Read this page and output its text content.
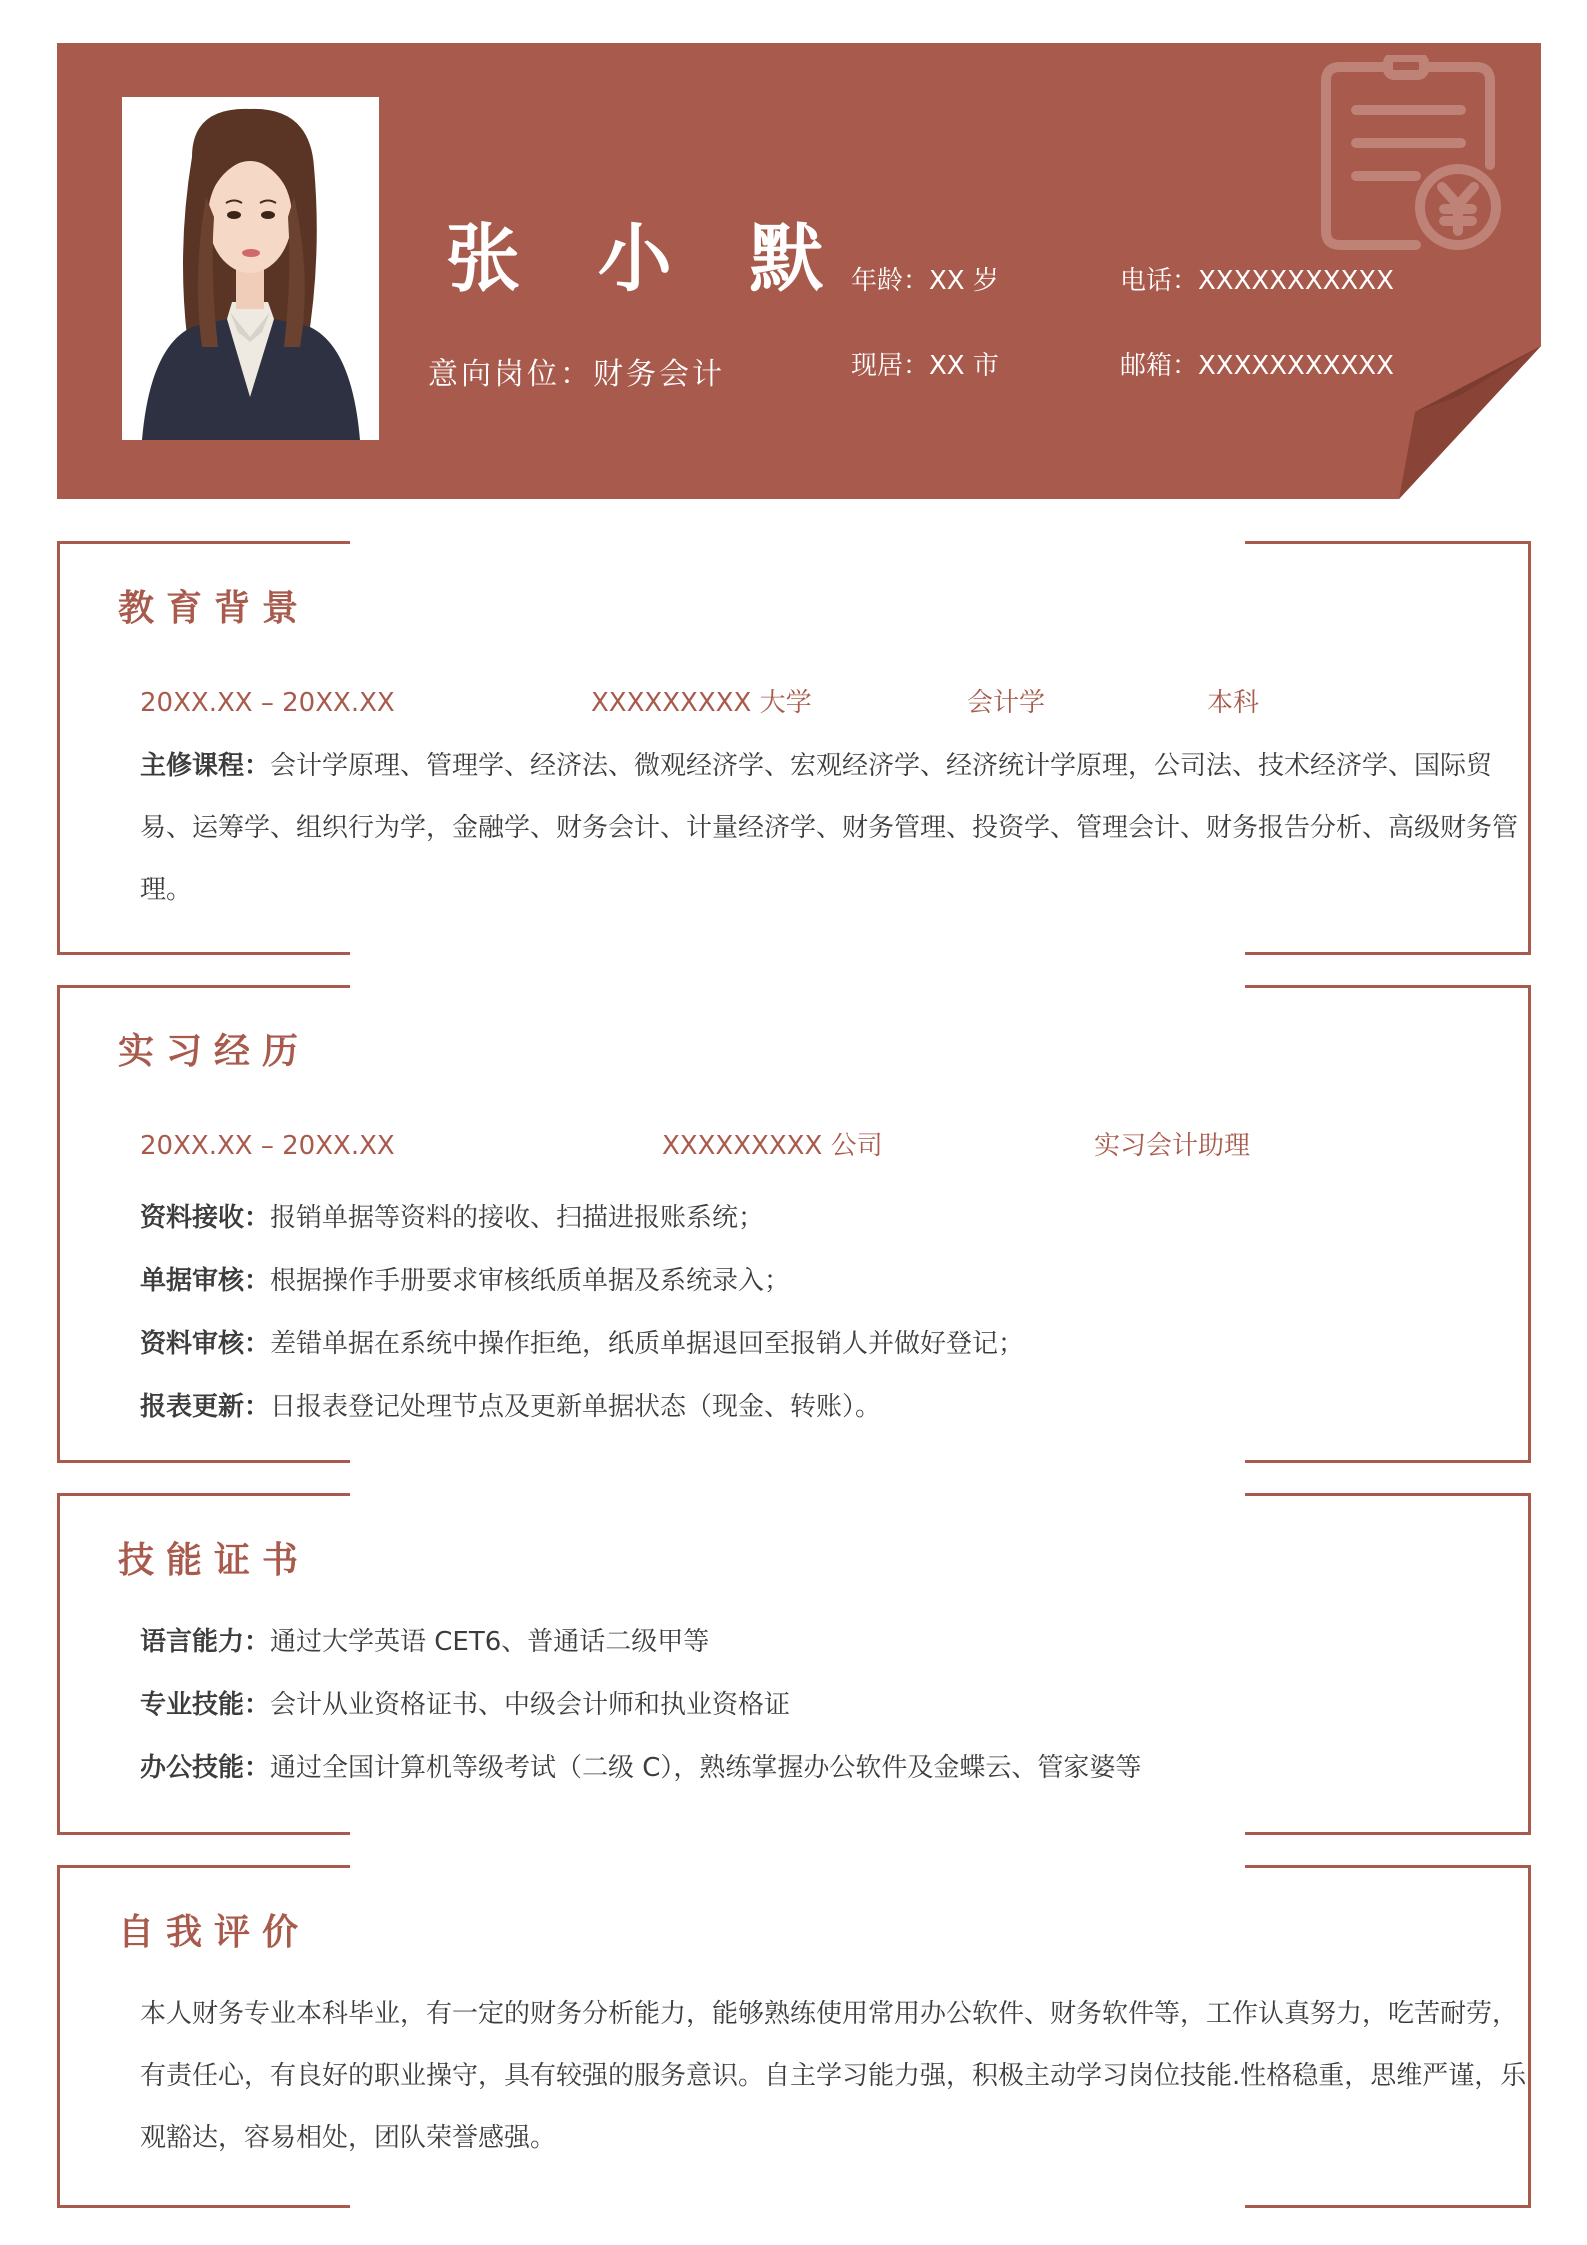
张 小 默
意向岗位：财务会计
年龄：XX 岁
现居：XX 市
电话：XXXXXXXXXXX
邮箱：XXXXXXXXXXX
教育背景
20XX.XX – 20XX.XX	XXXXXXXXX 大学	会计学	本科
主修课程：会计学原理、管理学、经济法、微观经济学、宏观经济学、经济统计学原理，公司法、技术经济学、国际贸易、运筹学、组织行为学，金融学、财务会计、计量经济学、财务管理、投资学、管理会计、财务报告分析、高级财务管理。
实习经历
20XX.XX – 20XX.XX	XXXXXXXXX 公司	实习会计助理
资料接收：报销单据等资料的接收、扫描进报账系统；
单据审核：根据操作手册要求审核纸质单据及系统录入；
资料审核：差错单据在系统中操作拒绝，纸质单据退回至报销人并做好登记；
报表更新：日报表登记处理节点及更新单据状态（现金、转账）。
技能证书
语言能力：通过大学英语 CET6、普通话二级甲等
专业技能：会计从业资格证书、中级会计师和执业资格证
办公技能：通过全国计算机等级考试（二级 C），熟练掌握办公软件及金蝶云、管家婆等
自我评价
本人财务专业本科毕业，有一定的财务分析能力，能够熟练使用常用办公软件、财务软件等，工作认真努力，吃苦耐劳，有责任心，有良好的职业操守，具有较强的服务意识。自主学习能力强，积极主动学习岗位技能.性格稳重，思维严谨，乐观豁达，容易相处，团队荣誉感强。
